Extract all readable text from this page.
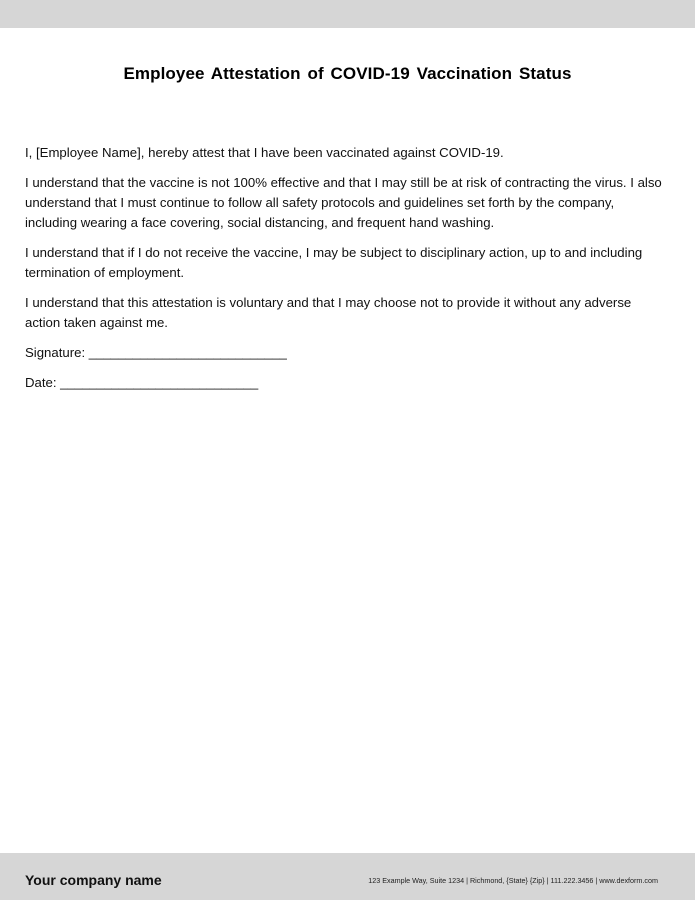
Employee Attestation of COVID-19 Vaccination Status

I, [Employee Name], hereby attest that I have been vaccinated against COVID-19.

I understand that the vaccine is not 100% effective and that I may still be at risk of contracting the virus. I also understand that I must continue to follow all safety protocols and guidelines set forth by the company, including wearing a face covering, social distancing, and frequent hand washing.

I understand that if I do not receive the vaccine, I may be subject to disciplinary action, up to and including termination of employment.

I understand that this attestation is voluntary and that I may choose not to provide it without any adverse action taken against me.

Signature: ___________________________

Date: ___________________________

Your company name	123 Example Way, Suite 1234 | Richmond, {State} {Zip} | 111.222.3456 | www.dexform.com
